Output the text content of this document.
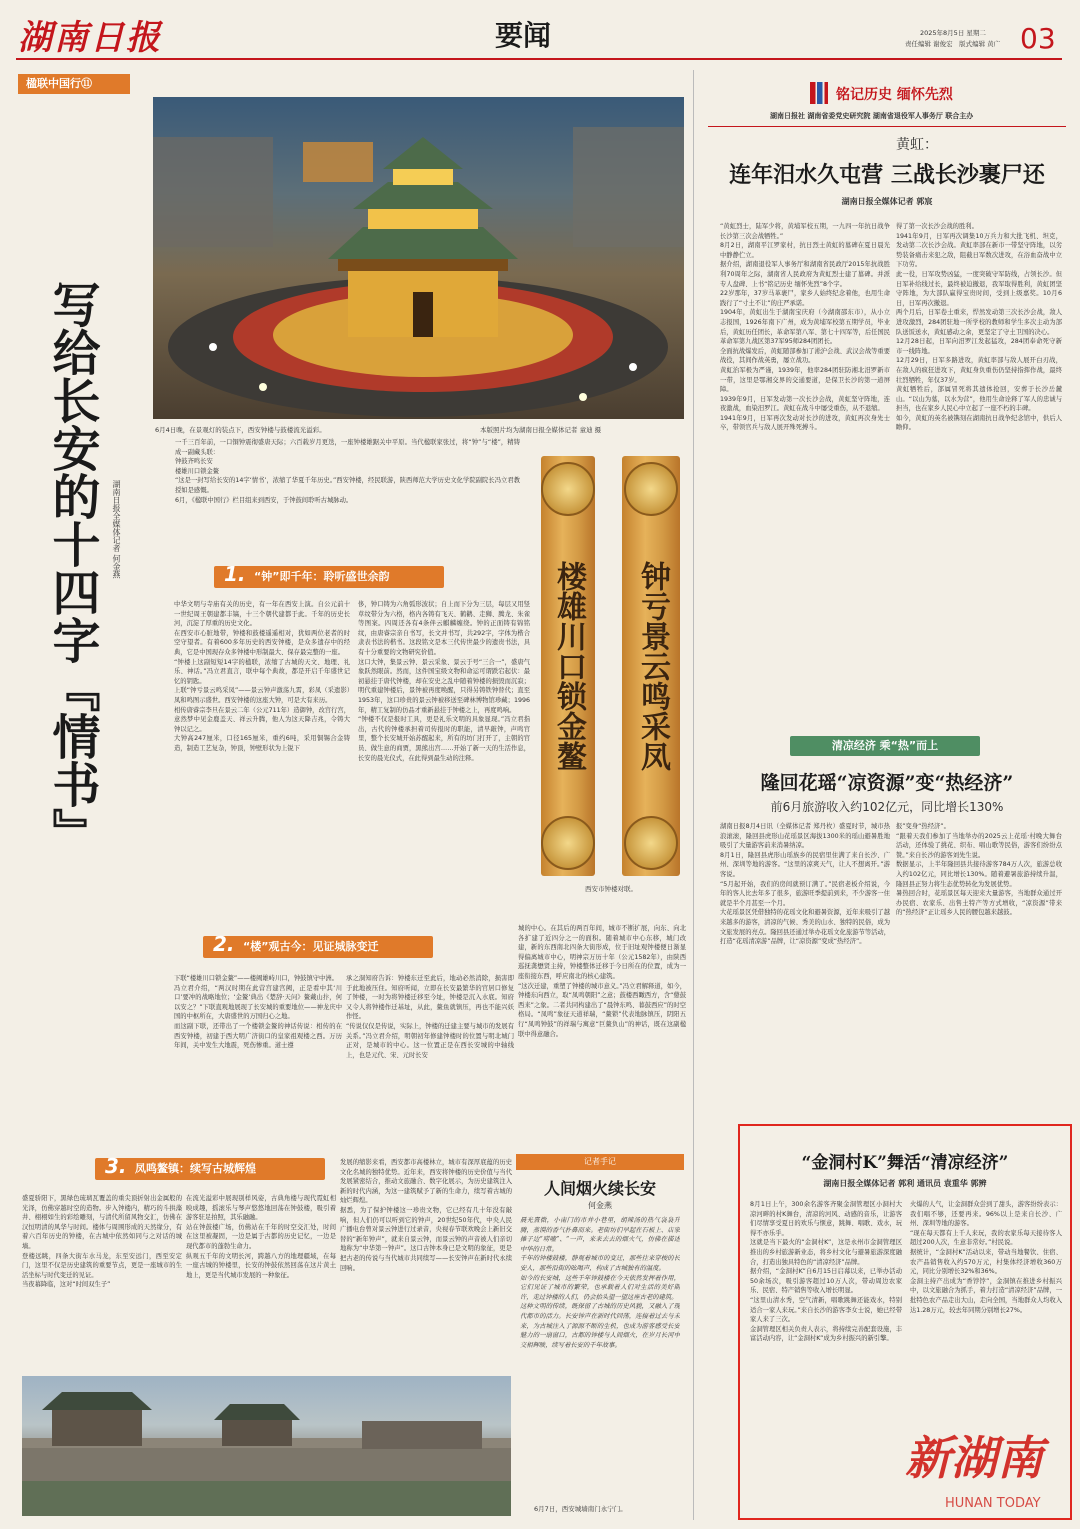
湖南日报	要闻	2025年8月5日 星期二
责任编辑 谢俊宏　版式编辑 黄广 03
楹联中国行⑪
6月4日晚，在景观灯的装点下，西安钟楼与鼓楼流光溢彩。	本版照片均为湖南日报全媒体记者 童迪 摄
写给长安的十四字『情书』	湖南日报全媒体记者 何金燕
一千三百年前，一口铜钟震彻盛唐天际；六百载岁月更迭，一座钟楼雄踞关中平原。当代楹联家张过，将“钟”与“楼”，精铸成一副藏头联：
钟鼓齐鸣长安
楼雄川口锁金鳌
“这是一封写给长安的14字‘情书’，浓缩了华夏千年历史。”西安钟楼，经民联游，陕西师范大学历史文化学院副院长冯立君教授如是感慨。
6月，《楹联中国行》栏目组来到西安，于钟鼓间聆听古城脉动。
楼雄川口锁金鳌	钟亏景云鸣采凤
西安市钟楼对联。
1. “钟”即千年：聆听盛世余韵
中华文明与寺庙有关的历史，有一年在西安上演。自公元前十一世纪周王朝建都丰镐，十三个朝代建都于此。千年的历史长河，沉淀了厚重的历史文化。
在西安市心脏地带，钟楼和鼓楼遥遥相对，犹如两位老者的时空守望者。有着600多年历史的西安钟楼，是众多遗存中的经典，它是中国现存众多钟楼中形制最大、保存最完整的一座。
“钟楼上这副短短14字的楹联，浓缩了古城的天文、地理、礼乐、神话。”冯立君直言，联中每个典故，都是开启千年盛世记忆的钥匙。
上联“钟亏景云鸣采凤”——景云钟声激荡九霄，彩凤（采遗影）凤和鸣图示盛世。西安钟楼的这座大钟，可是大有来历。
相传唐睿宗李旦在景云二年（公元711年）造御钟，改宫行宫，意然梦中见金鹿盖天、祥云升腾，他人为这天降吉兆，令铸大钟以记之。
大钟高247厘米，口径165厘米，重约6吨，采用铜锡合金铸造，制造工艺复杂，钟顶，钟壁形状为上锐下
侈，钟口铸为六角弧形波状；自上而下分为三层，每层又用竖草纹带分为六格，格内各铸有飞天、鹤鹳、走狮、腾龙、朱雀等图案。四周还各有4条伴云麒麟缠绕。钟的正面铸有锦铭纹，由唐睿宗亲自书写，长文并书写，共292字，字体为楷合隶表书法的楷书。这段铭文是本三代传世最少的遗贵书法，具有十分重要的文物研究价值。
这口大钟，集景云钟、景云采象、景云于号“三合一”，盛唐气象跃然眼前。然而，这件国宝级文物和命运可谓跌宕起伏：最初悬挂于唐代钟楼，却在安史之乱中随着钟楼的损毁而沉寂；明代重建钟楼后，景钟被再度唤醒，只得另铸铁钟替代；直至1953年，这口珍贵的景云钟被移送至碑林博物馆珍藏；1996年，精工复制的仿品才重新悬挂于钟楼之上，再度鸣响。
“钟楼不仅是报时工具，更是礼乐文明的具象显现。”冯立君指出，古代的钟楼承担着司传报时的职能，清早敲钟，声鸣官里，整个长安城开始苏醒起来，所有的坊门打开了，主朝的官员、做生意的商贾，黑熊出宫……开始了新一天的生活作息，长安的晨光仪式，在此得到最生动的注释。
2. “楼”观古今：见证城脉变迁
下联“楼雄川口锁金鳌”——楼阙雄峙川口，钟鼓镇守中洲。
冯立君介绍，“两汉时期在此营宫建宫阙，正是看中其‘川口’要冲的战略地位；‘金鳌’典出《楚辞·天问》鳌戴山抃，何以安之？”下联直观地展现了长安城的重要地位——神龙庆中国的中枢所在，大唐盛世的万国归心之地。
而这副下联，还带出了一个楼锁金鳌的神话传说：相传的在西安钟楼，初建于西大明广济街口的皇家祖观楼之西。万历年间，关中发生大地震，死伤惨重。道士遵
承之洞知府告诉：钟楼东迁至此后，地动必然消除，损害即于此地被压住。知府听闻，立即在长安最繁华的官居口修复了钟楼，一时为将钟楼迁移至今址，钟楼是沉入水底。知府又令人将钟楼作迁基址，从此，鳌鱼就镇压，再也不能兴妖作怪。
“传说仅仅是传说，实际上，钟楼的迁建主要与城市的发展有关系。”冯立君介绍，明朝初年修建钟楼时的位置与明北城门正对，是城市的中心。这一位置正是在西长安城的中轴线上，也是元代、宋、元时长安
城的中心。在其后的两百年间，城市不断扩展，向东、向北各扩建了近四分之一的面积。随着城市中心东移，城门改建，新的东西南北四条大街形成，位于旧址观钟楼便日渐显得偏离城市中心，明神宗万历十年（公元1582年），由陕西巡抚龚懋贤主持，钟楼整体迁移于今日所在的位置，成为一座衔接东西，呼应南北的核心建筑。
“这次迁建，重塑了钟楼的城市意义。”冯立君解释道，如今，钟楼东向西立，取“凤鸣朝阳”之意；鼓楼西瞰西方，含“鼙鼓西来”之象。二者共同构建出了“晨钟东鸣、暮鼓西应”的时空格局。“凤鸣”象征天道祥瑞，“鳌锁”代表地脉镇压，阴阳五行“凤鸣钟鼓”的祥瑞与寓意“巨鳌负山”的神话，既在这副楹联中得意融合。
3. 凤鸣鳌镇：续写古城辉煌
盛夏骄阳下，黑绿色琉璃瓦覆盖的重尖顶折射出金属般的光泽，仿佛穿越时空的造物。步入钟楼内，精巧的斗拱藻井、栩栩如生的彩绘雕刻，与清代所留风物交汇，仿佛在汉恒明清的风华与时间。楼体与周围形成的天然缘分，有着六百年历史的钟楼，在古城中依然如同与之对话的城墙。
登楼远眺，四条大街车水马龙，东至安远门，西至安定门，这里不仅是历史建筑的重要节点，更是一座城市的生活坐标与时代变迁的见证。
当夜幕降临，这对“时间双生子”
在流光溢彩中展现别样风姿，古典角楼与现代霓虹相映成趣，摇滚乐与琴声悠悠地回荡在钟鼓楼，吸引着游客驻足拍照，其乐融融。
站在钟鼓楼广场，仿佛站在千年的时空交汇处，时间在这里被凝固，一边是属于古都的历史记忆，一边是现代都市的蓬勃生命力。
纵观五千年的文明长河，跨越八方的地理疆域，在每一座古城的钟楼里，长安的钟鼓依然回荡在这片黄土地上，更是当代城市发展的一种象征。
发展的缩影来看，西安都市高楼林立，城市有深厚底蕴的历史文化名城的独特优势。近年来，西安将钟楼的历史价值与当代发展紧密结合，推动文旅融合、数字化展示，为历史建筑注入新的时代内涵，为这一建筑赋予了新的生命力，续写着古城的灿烂辉煌。
据悉，为了保护钟楼这一珍贵文物，它已经有几十年没有敲响，但人们仍可以听到它的钟声，20世纪50年代，中央人民广播电台曾对景云钟进行过录音，央视春节联欢晚会上新旧交替的“新年钟声”，就来自景云钟，而景云钟的声音被人们亲切地称为“中华第一钟声”。这口古钟本身已是文明的象征，更是把古老的传说与当代城市共同续写——长安钟声在新时代永续回响。
6月7日，西安城墙南门永宁门。
记者手记
人间烟火续长安
何金燕
晨光熹微，小南门的市井小巷里，胡辣汤的热气袅袅升腾，蒸馍的香气扑鼻而来。老街坊们早起在石板上、店家摊子边“唠嗑”、“一声，来来去去的烟火气，仿佛在描述中华的日常。
千年的钟楼鼓楼，静观着城市的变迁，那些往来穿梭的长安人，那些沿街的吆喝声，构成了古城独有的温度。
如今的长安城，这些千年钟鼓楼在今天依然发挥着作用，它们见证了城市的繁荣，也承载着人们对生活的美好期许，走过钟楼的人们，仍会抬头望一望这座古老的建筑。
这种文明的传续，既保留了古城的历史风貌，又融入了现代都市的活力。长安钟声在新时代回荡，连接着过去与未来，为古城注入了源源不断的生机，也成为游客感受长安魅力的一扇窗口，古都的钟楼与人间烟火，在岁月长河中交相辉映，续写着长安的千年故事。
铭记历史 缅怀先烈
湖南日报社 湖南省委党史研究院 湖南省退役军人事务厅 联合主办
黄虹：
连年汨水久屯营 三战长沙裹尸还
湖南日报全媒体记者 郭宸
“黄虹烈士，陆军少将，黄埔军校五期，一九四一年抗日战争长沙第三次会战牺牲。”
8月2日，湖南平江罗家村，抗日烈士黄虹的墓碑在夏日晨光中静静伫立。
据介绍，湖南退役军人事务厅和湖南省民政厅2015年抗战胜利70周年之际，湖南省人民政府为黄虹烈士建了墓碑。并派专人盘碑、上书“铭记历史 缅怀先烈”8个字。
22岁那年，37岁马革裹尸，家乡人始终纪念着他，也用生命践行了“寸土不让”的庄严承诺。
1904年，黄虹出生于湖南宝庆府（今湖南邵东市），从小立志报国，1926年南下广州，成为黄埔军校第五期学员，毕业后，黄虹历任团长，革命军第八军、第七十四军等，后任国民革命军第九战区第37军95师284团团长。
全面抗战爆发后，黄虹随部参加了淞沪会战、武汉会战等重要战役，其间作战英勇，屡立战功。
黄虹治军极为严谨，1939年，他率284团驻防湘北汨罗新市一带，这里是鄂湘交界的交通要道，是保卫长沙的第一道屏障。
1939年9月，日军发动第一次长沙会战，黄虹坚守阵地，连夜激战，血染汨罗江。黄虹在战斗中屡受重伤，从不退缩。
1941年9月，日军再次发动对长沙的进攻，黄虹再次身先士卒，带领官兵与敌人展开殊死搏斗。
得了第一次长沙会战的胜利。
1941年9月，日军再次调集10万兵力和大批飞机、坦克，发动第二次长沙会战。黄虹率部在新市一带坚守阵地，以劣势装备痛击来犯之敌，阻截日军数次进攻，在浴血奋战中立下功劳。
此一役，日军攻势凶猛，一度突破守军防线，占领长沙。但日军补给线过长，最终被迫撤退，我军取得胜利，黄虹团坚守阵地，为大部队赢得宝贵时间，受到上级嘉奖。10月6日，日军再次撤退。
两个月后，日军卷土重来，悍然发动第三次长沙会战，敌人进攻激烈，284团驻地一所学校的教师和学生多次主动为部队送饭送水，黄虹感动之余，更坚定了守土卫国的决心。
12月28日起，日军向汨罗江发起猛攻，284团奉命死守新市一线阵地。
12月29日，日军多路进攻，黄虹率部与敌人展开白刃战，在敌人的疯狂进攻下，黄虹身负重伤仍坚持指挥作战，最终壮烈牺牲，年仅37岁。
黄虹牺牲后，部属冒死将其遗体抢回，安葬于长沙岳麓山。“以山为墓，以水为营”，他用生命诠释了军人的忠诚与担当，也在家乡人民心中立起了一座不朽的丰碑。
如今，黄虹的英名被镌刻在湖南抗日战争纪念馆中，供后人瞻仰。
清凉经济 乘“热”而上
隆回花瑶“凉资源”变“热经济”
前6月旅游收入约102亿元，同比增长130%
湖南日报8月4日讯（全媒体记者 郑丹枚）盛夏时节，城市热浪滚滚，隆回县虎形山花瑶景区海拔1300米的瑶山避暑胜地吸引了大量游客前来消暑纳凉。
8月1日，隆回县虎形山瑶族乡的民宿里住满了来自长沙、广州、深圳等地的游客。“这里的凉爽天气，让人不想离开。”游客说。
“5月起开始，我们的房间就预订满了。”民宿老板介绍说，今年的客人比去年多了很多，旅游旺季提前到来，不少游客一住就是半个月甚至一个月。
大花瑶景区凭借独特的花瑶文化和避暑资源，近年来吸引了越来越多的游客，清凉的气候、秀美的山水、独特的民俗，成为文旅发展的亮点。隆回县还通过举办花瑶文化旅游节等活动，打造“花瑶清凉游”品牌，让“凉资源”变成“热经济”。
报”变身“热经济”。
“跟着天我们参加了当地举办的2025云上花瑶·村晚大舞台活动，还体验了挑花、织布、唱山歌等民俗，游客们纷纷点赞。”来自长沙的游客刘先生说。
数据显示，上半年隆回县共接待游客784万人次，旅游总收入约102亿元，同比增长130%。随着避暑旅游持续升温，隆回县正努力将生态优势转化为发展优势。
暑热回合时，花瑶景区每天迎来大量游客，当地群众通过开办民宿、农家乐、出售土特产等方式增收，“凉资源”带来的“热经济”正让瑶乡人民的腰包越来越鼓。
“金洞村K”舞活“清凉经济”
湖南日报全媒体记者 郭利 通讯员 袁重华 郭辨
8月1日上午，300余名游客齐聚金洞管理区小洞村大凉河畔的村K舞台，清凉的河风、动感的音乐，让游客们尽情享受夏日的欢乐与惬意，跳舞、唱歌、戏水，玩得不亦乐乎。
这就是当下最火的“金洞村K”，这是永州市金洞管理区推出的乡村旅游新业态，将乡村文化与避暑旅游深度融合，打造出独具特色的“清凉经济”品牌。
据介绍，“金洞村K”自6月15日启幕以来，已举办活动50余场次，吸引游客超过10万人次，带动周边农家乐、民宿、特产销售等收入增长明显。
“这里山清水秀，空气清新，唱歌跳舞还能戏水，特别适合一家人来玩。”来自长沙的游客李女士说，她已经带家人来了三次。
金洞管理区相关负责人表示，将持续完善配套设施，丰富活动内容，让“金洞村K”成为乡村振兴的新引擎。
火爆的人气，让金洞群众尝到了甜头，游客纷纷表示：我们唱不够，还要再来。96%以上是来自长沙、广州、深圳等地的游客。
“现在每天都有上千人来玩，我的农家乐每天接待客人超过200人次，生意非常好。”村民说。
据统计，“金洞村K”活动以来，带动当地餐饮、住宿、农产品销售收入约570万元，村集体经济增收360万元，同比分别增长32%和36%。
金洞主持产出成为“香饽饽”，金洞镇在推进乡村振兴中，以文旅融合为抓手，着力打造“清凉经济”品牌，一批特色农产品走出大山，走向全国，当地群众人均收入达1.28万元，较去年同期分别增长27%。
新湖南
HUNAN TODAY
